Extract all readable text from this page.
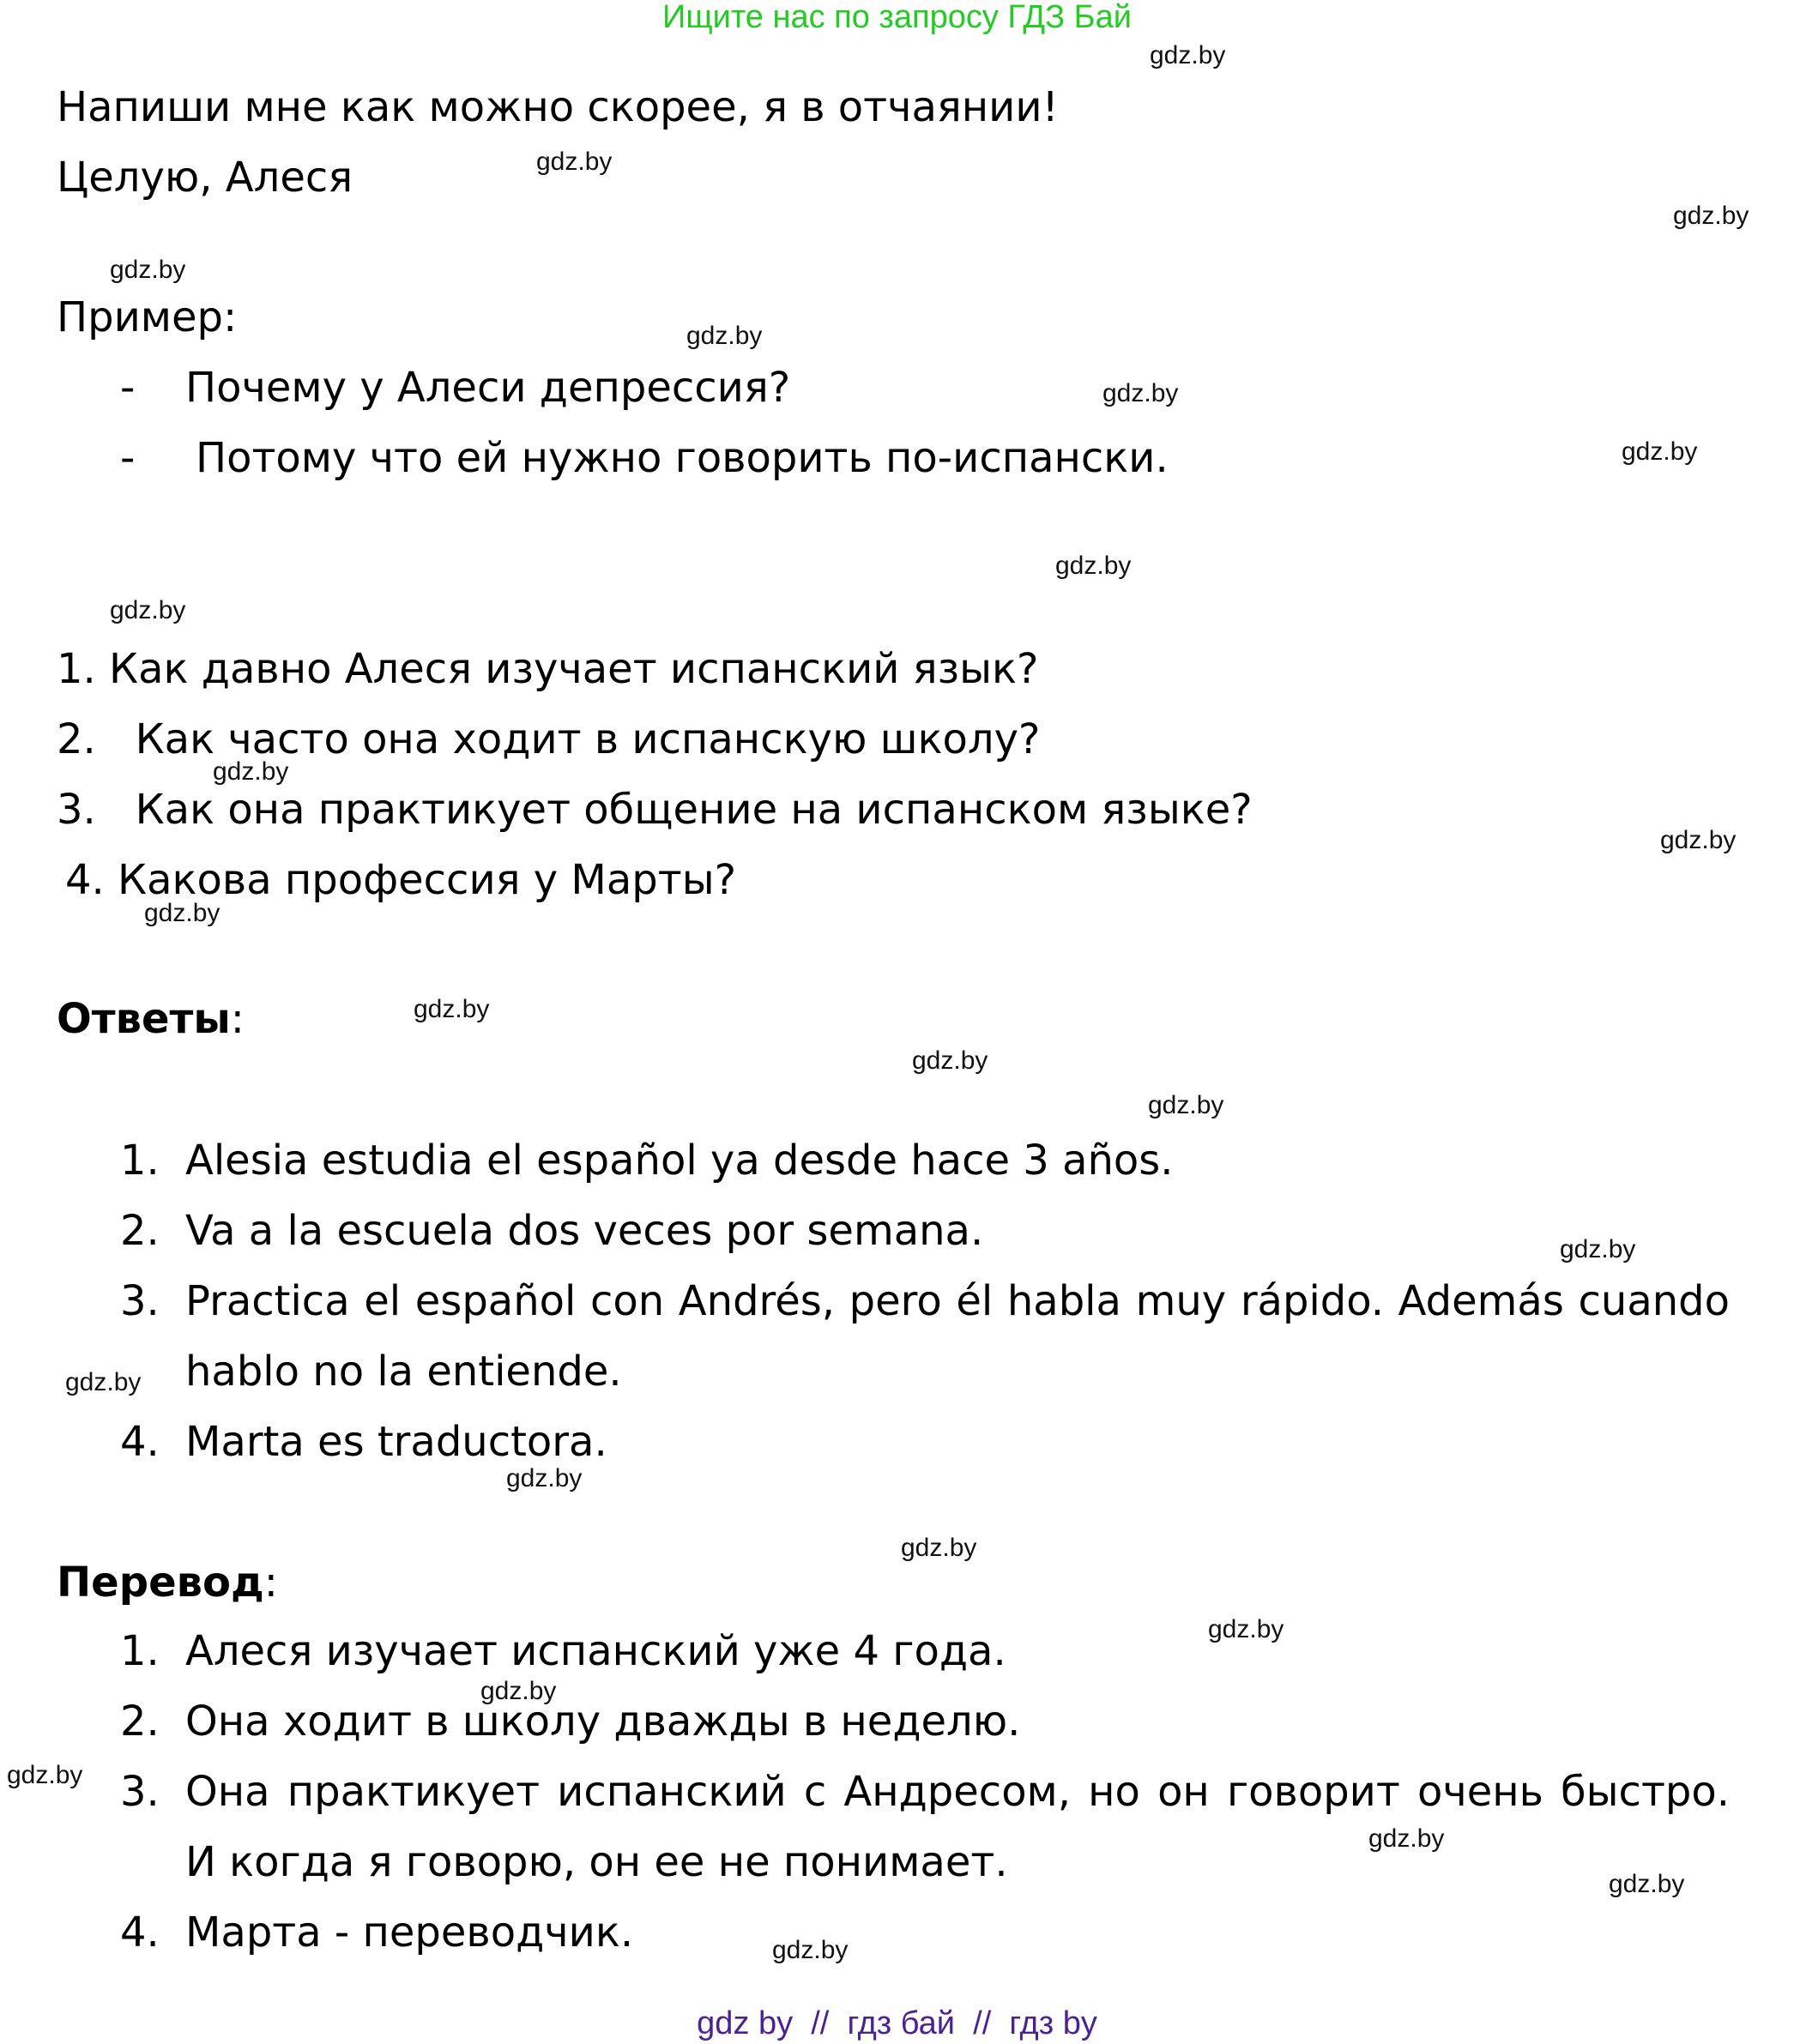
Ищите нас по запросу ГДЗ Бай
gdz.by
gdz.by
gdz.by
gdz.by
gdz.by
gdz.by
gdz.by
gdz.by
gdz.by
gdz.by
gdz.by
gdz.by
gdz.by
gdz.by
gdz.by
gdz.by
gdz.by
gdz.by
gdz.by
gdz.by
gdz.by
gdz.by
gdz.by
gdz.by
gdz.by
Напиши мне как можно скорее, я в отчаянии!
Целую, Алеся
Пример:
- Почему у Алеси депрессия?
- Потому что ей нужно говорить по-испански.
1. Как давно Алеся изучает испанский язык?
2.   Как часто она ходит в испанскую школу?
3.   Как она практикует общение на испанском языке?
4. Какова профессия у Марты?
Ответы:
1. Alesia estudia el español ya desde hace 3 años.
2. Va a la escuela dos veces por semana.
3. Practica el español con Andrés, pero él habla muy rápido. Además cuando hablo no la entiende.
4. Marta es traductora.
Перевод:
1. Алеся изучает испанский уже 4 года.
2. Она ходит в школу дважды в неделю.
3. Она практикует испанский с Андресом, но он говорит очень быстро. И когда я говорю, он ее не понимает.
4. Марта - переводчик.
gdz by  //  гдз бай  //  гдз by
